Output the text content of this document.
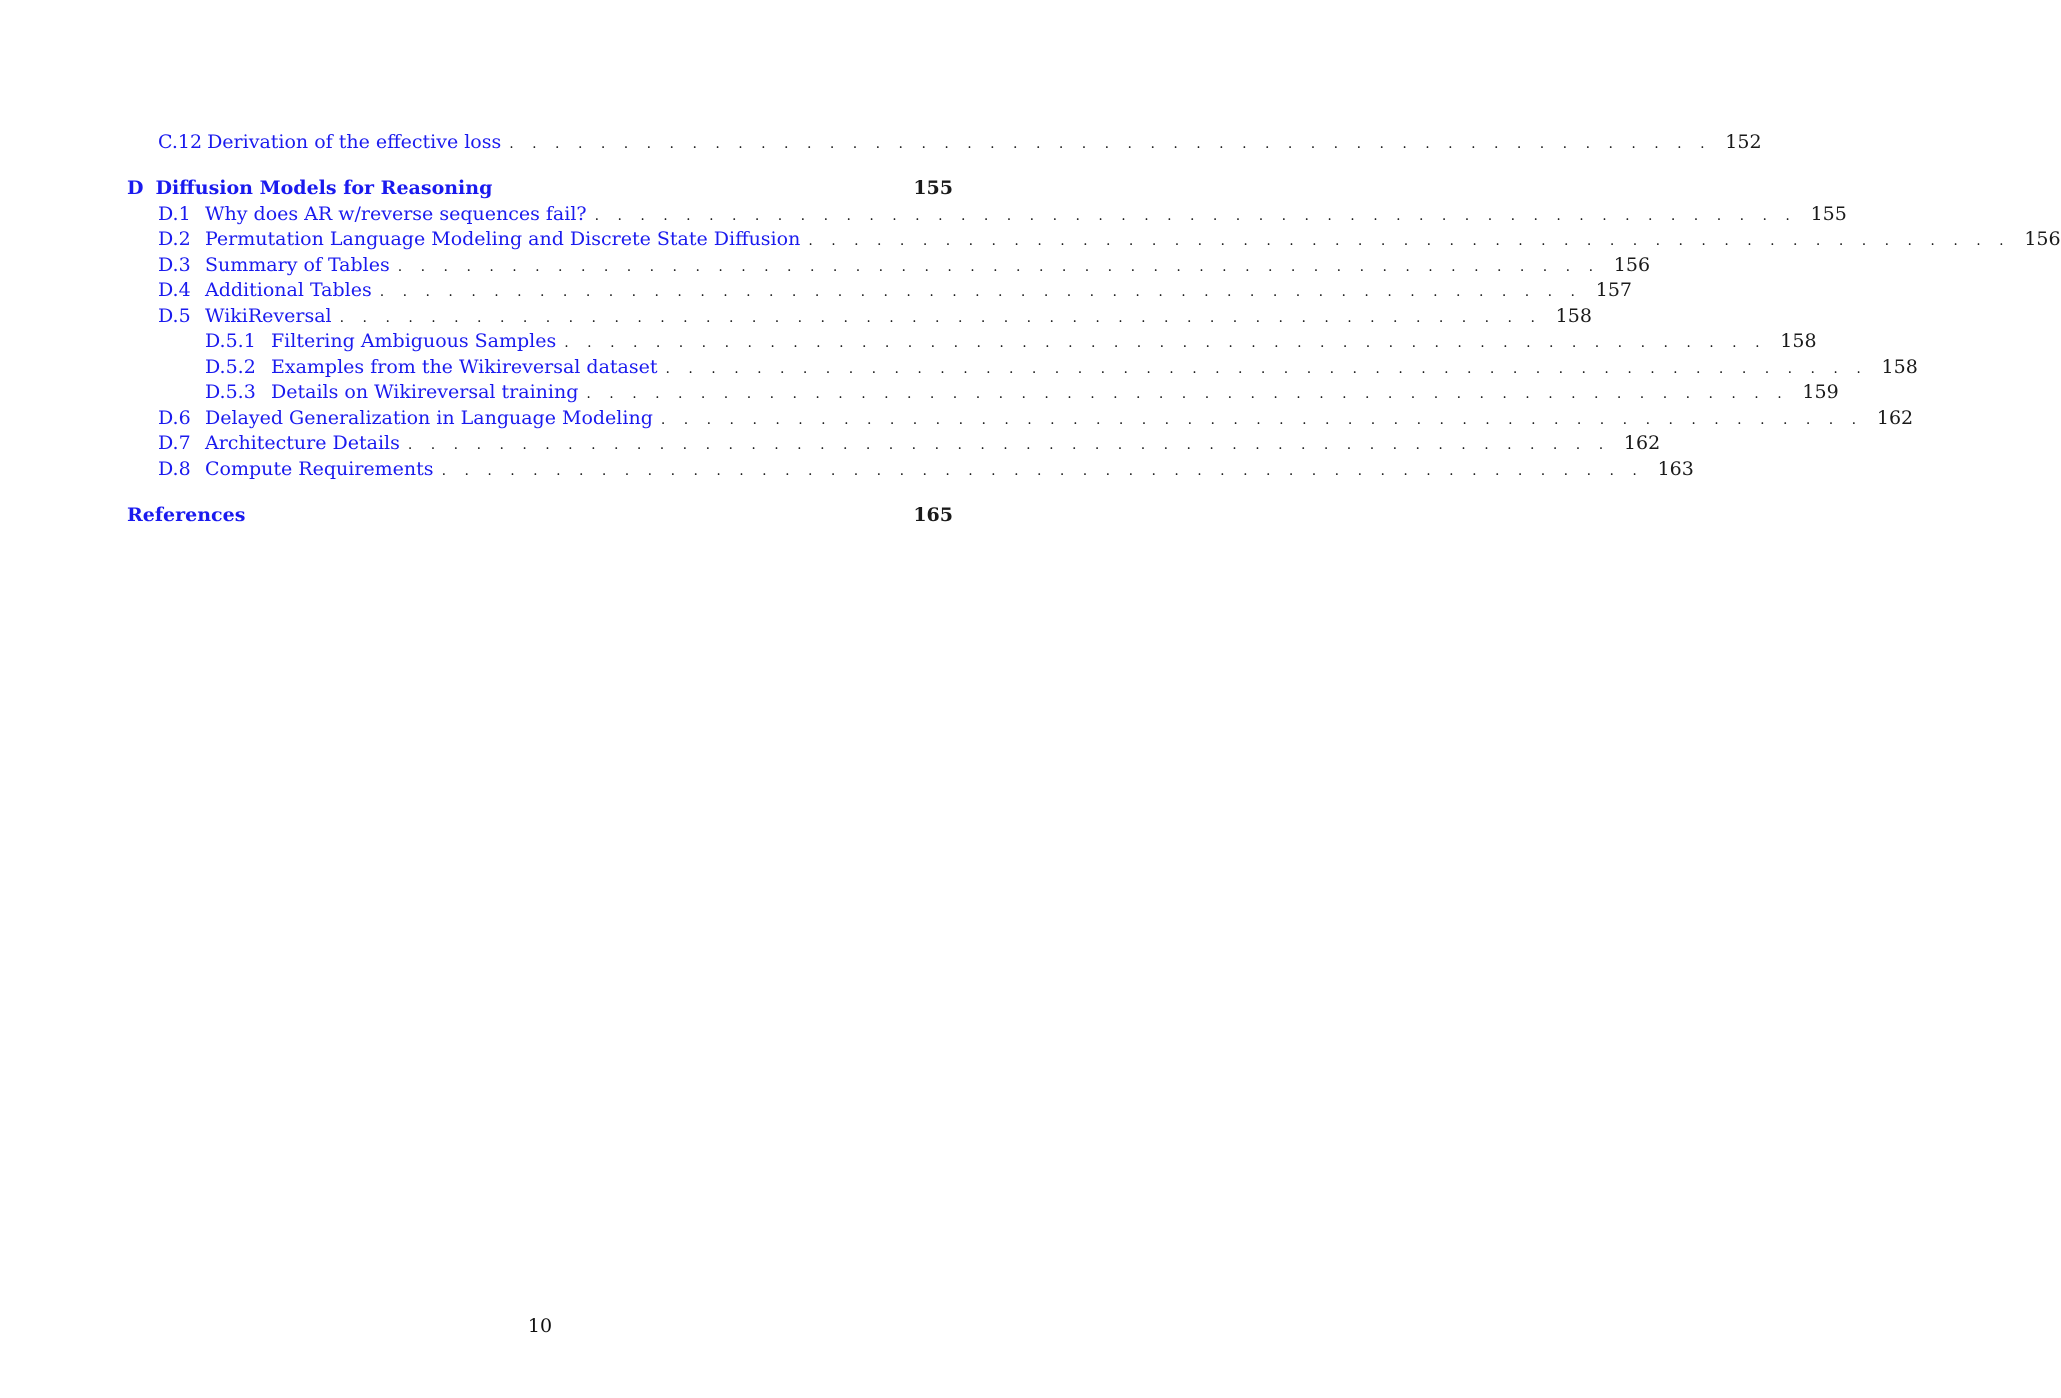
C.12 Derivation of the effective loss . . . . . . . . . . . . . . . . . . . . . . . . . . . . . . . . . . . . . . . . . . . . . . . . . . . . . 152
D Diffusion Models for Reasoning	155
D.1 Why does AR w/reverse sequences fail? . . . . . . . . . . . . . . . . . . . . . . . . . . . . . . . . . . . . . . . . . . . . . . . . . . . . . 155
D.2 Permutation Language Modeling and Discrete State Diffusion . . . . . . . . . . . . . . . . . . . . . . . . . . . . . . . . . . . . . . . . . . . . . . . . . . . . . 156
D.3 Summary of Tables . . . . . . . . . . . . . . . . . . . . . . . . . . . . . . . . . . . . . . . . . . . . . . . . . . . . . 156
D.4 Additional Tables . . . . . . . . . . . . . . . . . . . . . . . . . . . . . . . . . . . . . . . . . . . . . . . . . . . . . 157
D.5 WikiReversal . . . . . . . . . . . . . . . . . . . . . . . . . . . . . . . . . . . . . . . . . . . . . . . . . . . . . 158
D.5.1 Filtering Ambiguous Samples . . . . . . . . . . . . . . . . . . . . . . . . . . . . . . . . . . . . . . . . . . . . . . . . . . . . . 158
D.5.2 Examples from the Wikireversal dataset . . . . . . . . . . . . . . . . . . . . . . . . . . . . . . . . . . . . . . . . . . . . . . . . . . . . . 158
D.5.3 Details on Wikireversal training . . . . . . . . . . . . . . . . . . . . . . . . . . . . . . . . . . . . . . . . . . . . . . . . . . . . . 159
D.6 Delayed Generalization in Language Modeling . . . . . . . . . . . . . . . . . . . . . . . . . . . . . . . . . . . . . . . . . . . . . . . . . . . . . 162
D.7 Architecture Details . . . . . . . . . . . . . . . . . . . . . . . . . . . . . . . . . . . . . . . . . . . . . . . . . . . . . 162
D.8 Compute Requirements . . . . . . . . . . . . . . . . . . . . . . . . . . . . . . . . . . . . . . . . . . . . . . . . . . . . . 163
References	165
10
